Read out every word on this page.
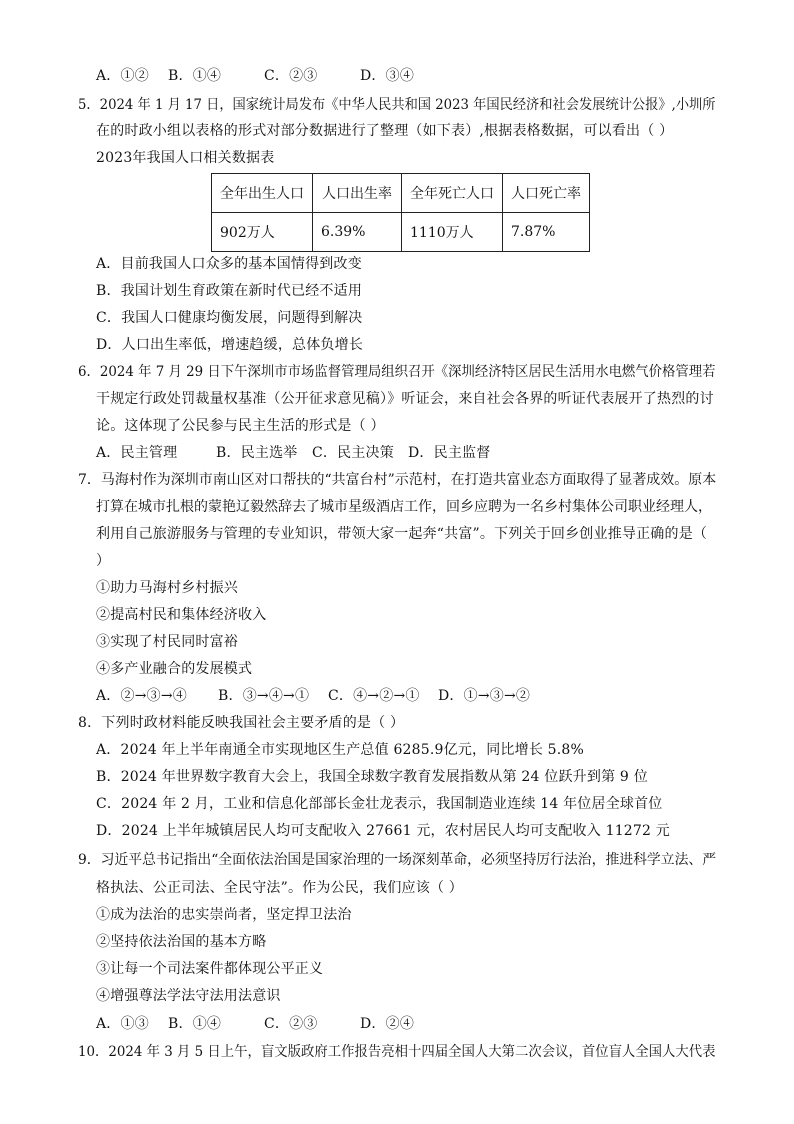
A．①② B．①④	C．②③	D．③④
5．2024 年 1 月 17 日，国家统计局发布《中华人民共和国 2023 年国民经济和社会发展统计公报》,小圳所
在的时政小组以表格的形式对部分数据进行了整理（如下表）,根据表格数据，可以看出（ ）
2023年我国人口相关数据表
全年出生人口	人口出生率	全年死亡人口	人口死亡率
902万人	6.39%	1110万人	7.87%
A．目前我国人口众多的基本国情得到改变
B．我国计划生育政策在新时代已经不适用
C．我国人口健康均衡发展，问题得到解决
D．人口出生率低，增速趋缓，总体负增长
6．2024 年 7 月 29 日下午深圳市市场监督管理局组织召开《深圳经济特区居民生活用水电燃气价格管理若
干规定行政处罚裁量权基准（公开征求意见稿）》听证会，来自社会各界的听证代表展开了热烈的讨
论。这体现了公民参与民主生活的形式是（ ）
A．民主管理	B．民主选举 C．民主决策 D．民主监督
7．马海村作为深圳市南山区对口帮扶的“共富台村”示范村，在打造共富业态方面取得了显著成效。原本
打算在城市扎根的蒙艳辽毅然辞去了城市星级酒店工作，回乡应聘为一名乡村集体公司职业经理人，
利用自己旅游服务与管理的专业知识，带领大家一起奔“共富”。下列关于回乡创业推导正确的是（
）
①助力马海村乡村振兴
②提高村民和集体经济收入
③实现了村民同时富裕
④多产业融合的发展模式
A．②→③→④ B．③→④→① C．④→②→① D．①→③→②
8．下列时政材料能反映我国社会主要矛盾的是（ ）
A．2024 年上半年南通全市实现地区生产总值 6285.9亿元，同比增长 5.8%
B．2024 年世界数字教育大会上，我国全球数字教育发展指数从第 24 位跃升到第 9 位
C．2024 年 2 月，工业和信息化部部长金壮龙表示，我国制造业连续 14 年位居全球首位
D．2024 上半年城镇居民人均可支配收入 27661 元，农村居民人均可支配收入 11272 元
9．习近平总书记指出“全面依法治国是国家治理的一场深刻革命，必须坚持厉行法治，推进科学立法、严
格执法、公正司法、全民守法”。作为公民，我们应该（ ）
①成为法治的忠实崇尚者，坚定捍卫法治
②坚持依法治国的基本方略
③让每一个司法案件都体现公平正义
④增强尊法学法守法用法意识
A．①③ B．①④	C．②③	D．②④
10．2024 年 3 月 5 日上午，盲文版政府工作报告亮相十四届全国人大第二次会议，首位盲人全国人大代表
